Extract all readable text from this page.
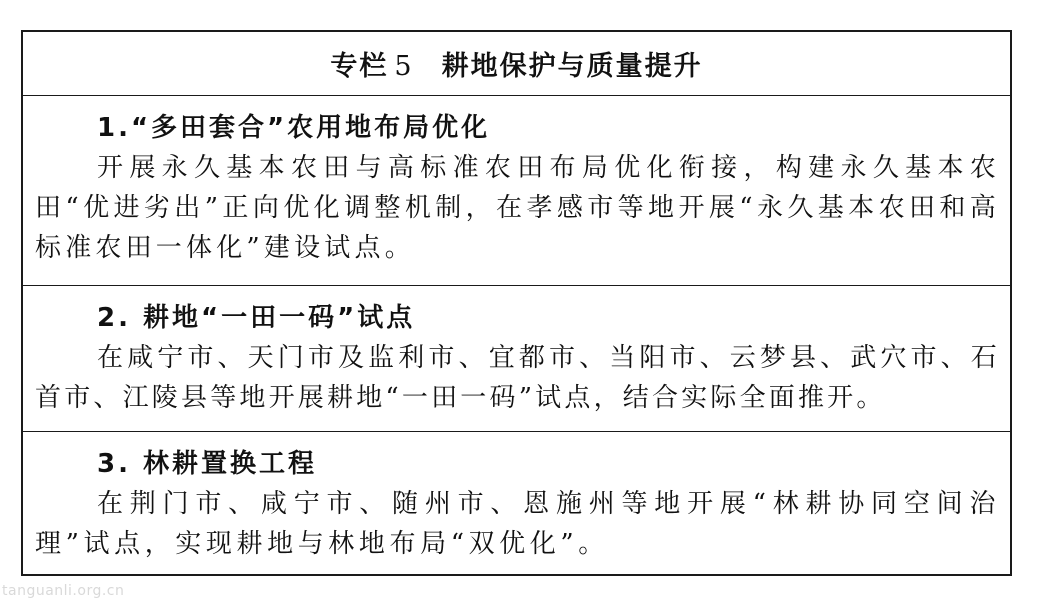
专栏 5 耕地保护与质量提升
1.“多田套合”农用地布局优化

开展永久基本农田与高标准农田布局优化衔接，构建永久基本农田“优进劣出”正向优化调整机制，在孝感市等地开展“永久基本农田和高标准农田一体化”建设试点。

2. 耕地“一田一码”试点

在咸宁市、天门市及监利市、宜都市、当阳市、云梦县、武穴市、石首市、江陵县等地开展耕地“一田一码”试点，结合实际全面推开。

3. 林耕置换工程

在荆门市、咸宁市、随州市、恩施州等地开展“林耕协同空间治理”试点，实现耕地与林地布局“双优化”。

tanguanli.org.cn
